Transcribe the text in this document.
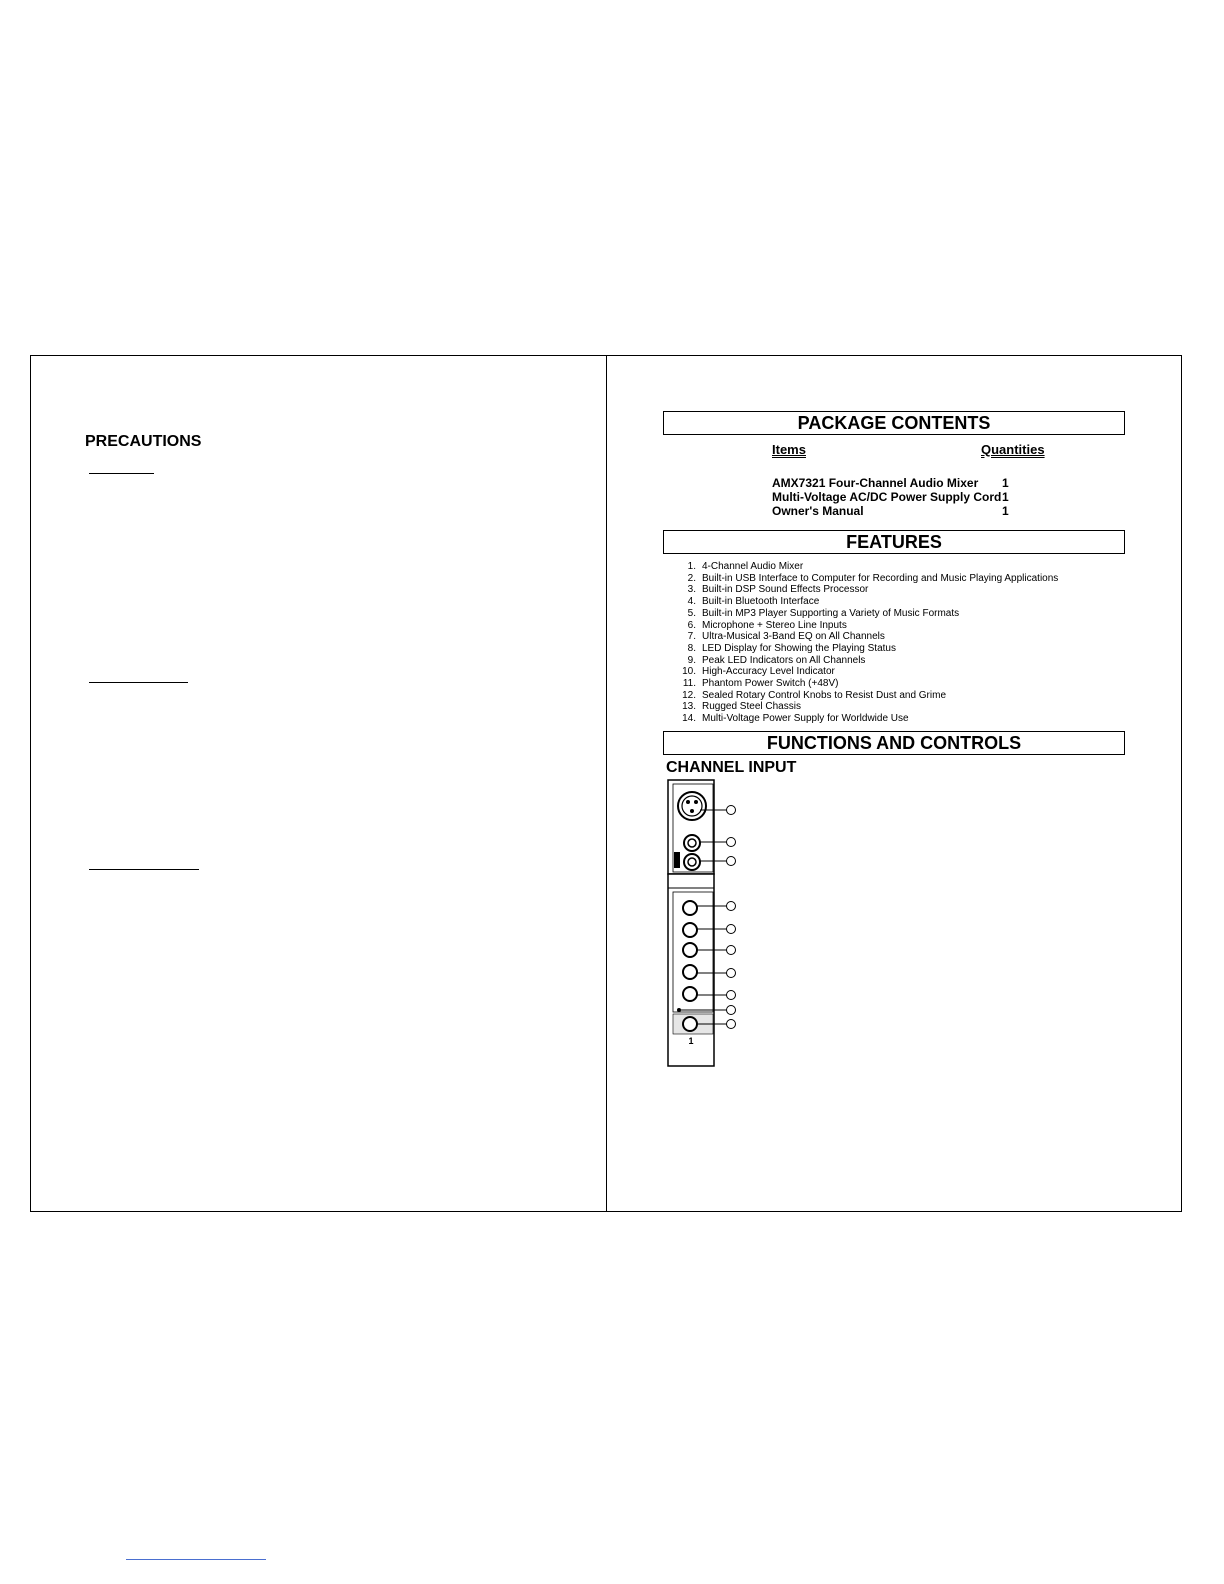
PRECAUTIONS
PACKAGE CONTENTS
Items	Quantities
AMX7321 Four-Channel Audio Mixer 1
Multi-Voltage AC/DC Power Supply Cord 1
Owner's Manual	1
FEATURES
1. 4-Channel Audio Mixer
2. Built-in USB Interface to Computer for Recording and Music Playing Applications
3. Built-in DSP Sound Effects Processor
4. Built-in Bluetooth Interface
5. Built-in MP3 Player Supporting a Variety of Music Formats
6. Microphone + Stereo Line Inputs
7. Ultra-Musical 3-Band EQ on All Channels
8. LED Display for Showing the Playing Status
9. Peak LED Indicators on All Channels
10. High-Accuracy Level Indicator
11. Phantom Power Switch (+48V)
12. Sealed Rotary Control Knobs to Resist Dust and Grime
13. Rugged Steel Chassis
14. Multi-Voltage Power Supply for Worldwide Use
FUNCTIONS AND CONTROLS
CHANNEL INPUT
1
